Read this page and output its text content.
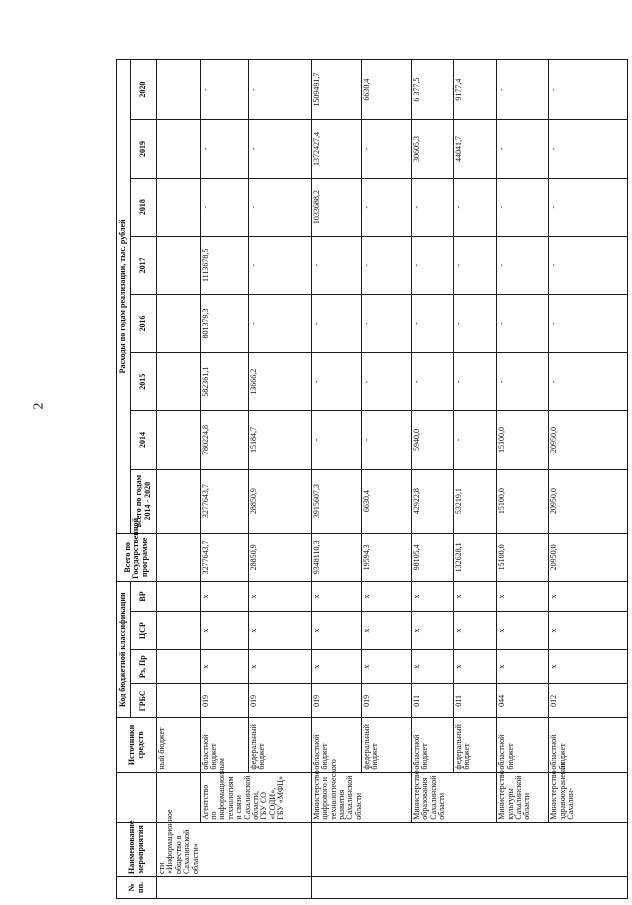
2
№ пп.	Наименование мероприятия		Источники средств	Код бюджетной классификации				Всего по Государственной программе	Расходы по годам реализации, тыс. рублей							
				ГРБС	Рз, Пр	ЦСР	ВР		всего по годам 2014 - 2020	2014	2015	2016	2017	2018	2019	2020
	сти «Информационное общество в Сахалинской области»		ный бюджет													
		Агентство по информационным технологиям и связи Сахалинской области, ГБУ СО «СОДИ», ГБУ «МФЦ»	областной бюджет	019	х	х	х	3277643,7	3277643,7	780224,8	582361,1	801379,3	1113678,5	-	-	-
			федеральный бюджет	019	х	х	х	28850,9	28850,9	15184,7	13666,2	-	-	-	-	-
		Министерство цифрового и технологического развития Сахалинской области	областной бюджет	019	х	х	х	9348110,3	3915607,3	-	-	-	-	1033688,2	1372427,4	1509491,7
			федеральный бюджет	019	х	х	х	19594,3	6630,4	-	-	-	-	-	-	6630,4
		Министерство образования Сахалинской области	областной бюджет	011	х	х	х	98105,4	42922,8	5940,0	-	-	-	-	30605,3	6 377,5
			федеральный бюджет	011	х	х	х	132628,1	53219,1	-	-	-	-	-	44041,7	9177,4
		Министерство культуры Сахалинской области	областной бюджет	044	х	х	х	15100,0	15100,0	15100,0	-	-	-	-	-	-
		Министерство здравоохранения Сахалин-	областной бюджет	012	х	х	х	20950,0	20950,0	20950,0	-	-	-	-	-	-
